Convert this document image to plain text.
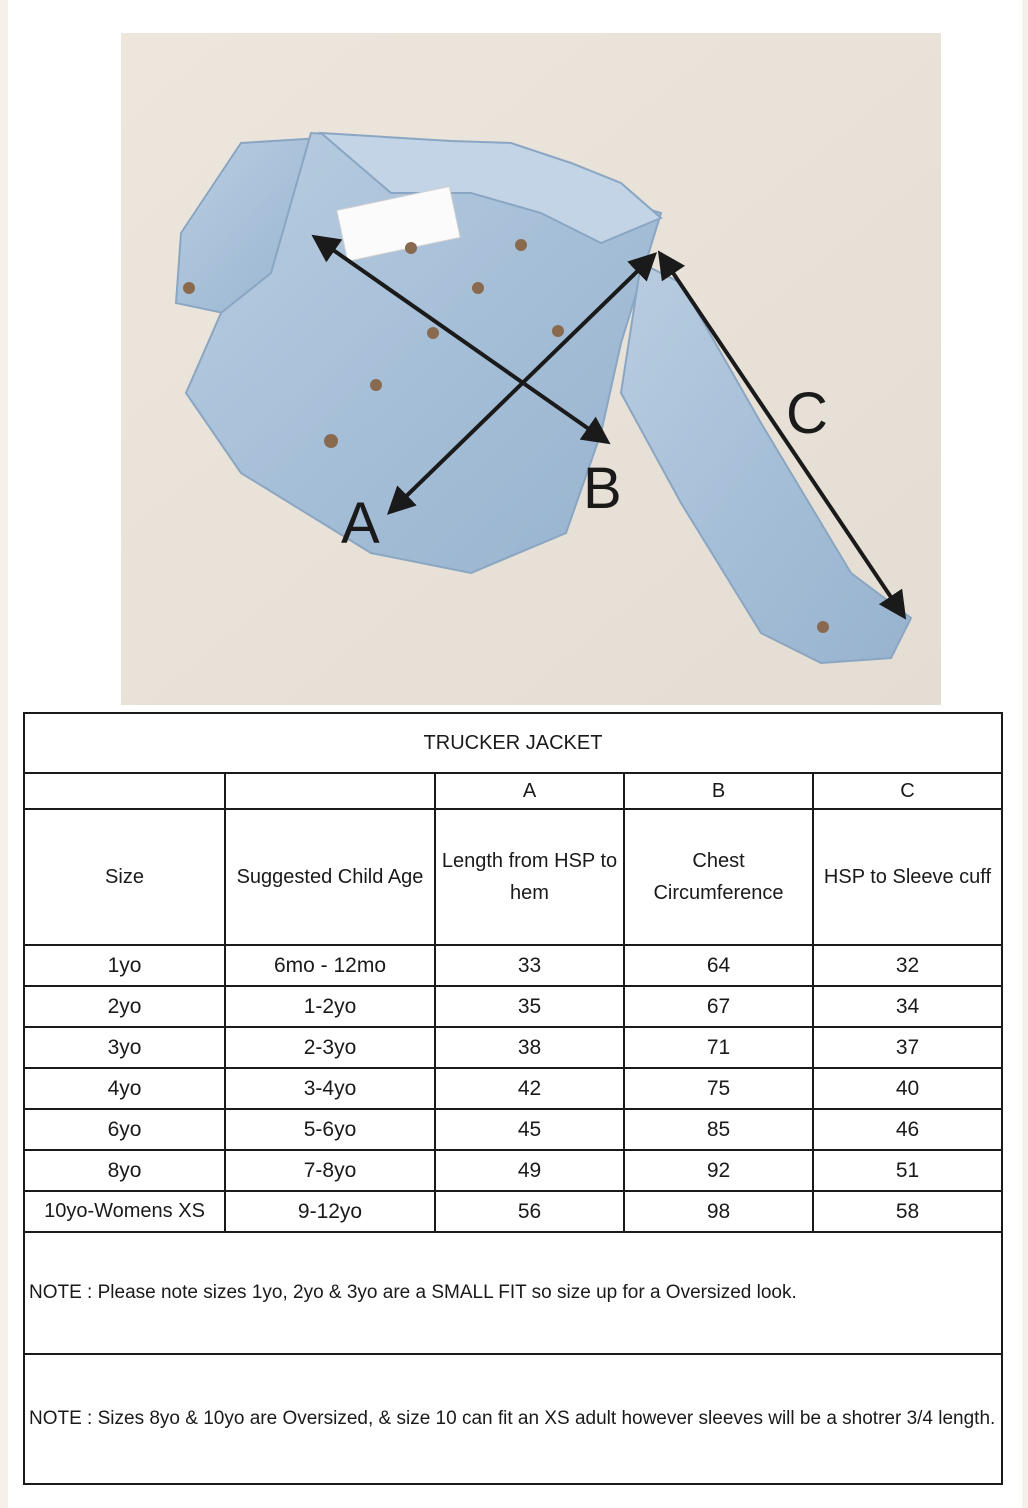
A
B
C
TRUCKER JACKET				
		A	B	C
Size	Suggested Child Age	Length from HSP to hem	Chest Circumference	HSP to Sleeve cuff
1yo	6mo - 12mo	33	64	32
2yo	1-2yo	35	67	34
3yo	2-3yo	38	71	37
4yo	3-4yo	42	75	40
6yo	5-6yo	45	85	46
8yo	7-8yo	49	92	51
10yo-Womens XS	9-12yo	56	98	58

NOTE : Please note sizes 1yo, 2yo & 3yo are a SMALL FIT so size up for a Oversized look.				

NOTE : Sizes 8yo & 10yo are Oversized, & size 10 can fit an XS adult however sleeves will be a shotrer 3/4 length.				
